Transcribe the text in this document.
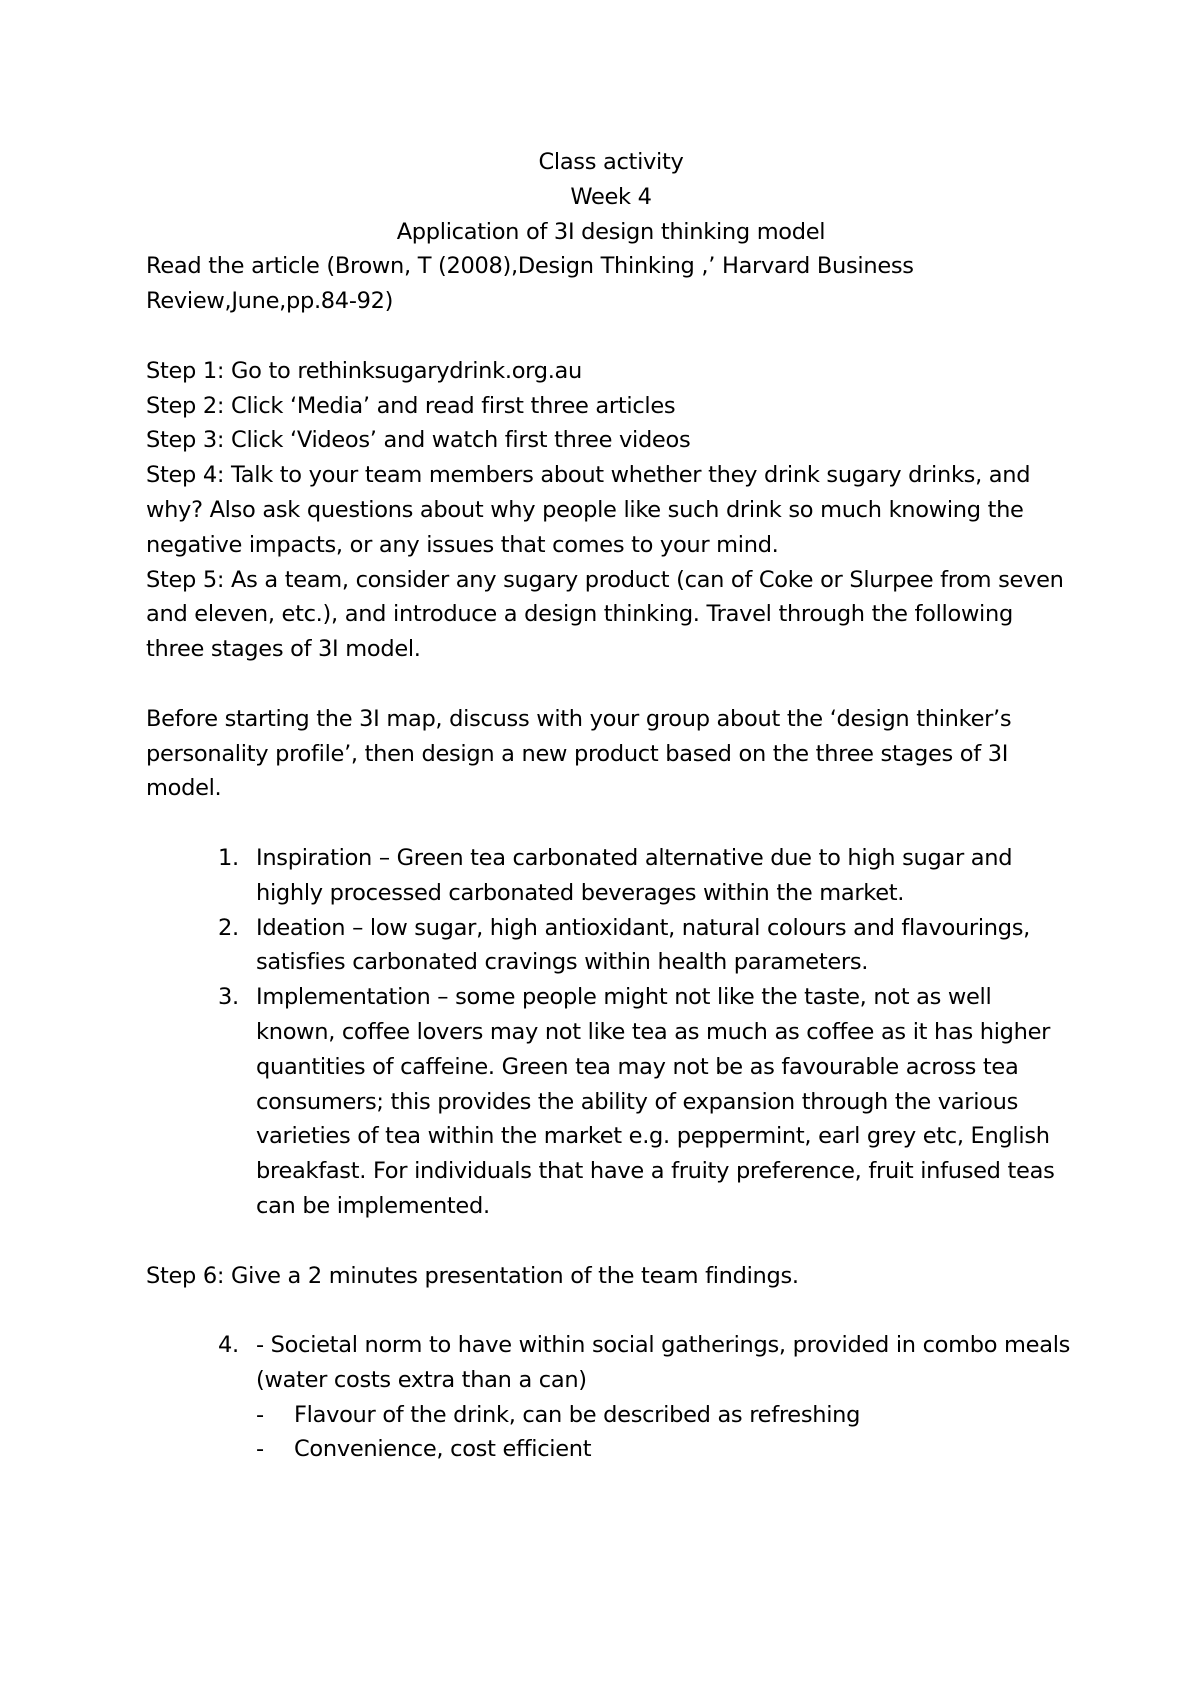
Class activity

Week 4

Application of 3I design thinking model

Read the article (Brown, T (2008),Design Thinking ,’ Harvard Business Review,June,pp.84-92)

Step 1: Go to rethinksugarydrink.org.au

Step 2: Click ‘Media’ and read first three articles

Step 3: Click ‘Videos’ and watch first three videos

Step 4: Talk to your team members about whether they drink sugary drinks, and why? Also ask questions about why people like such drink so much knowing the negative impacts, or any issues that comes to your mind.

Step 5: As a team, consider any sugary product (can of Coke or Slurpee from seven and eleven, etc.), and introduce a design thinking. Travel through the following three stages of 3I model.

Before starting the 3I map, discuss with your group about the ‘design thinker’s personality profile’, then design a new product based on the three stages of 3I model.

1. Inspiration – Green tea carbonated alternative due to high sugar and highly processed carbonated beverages within the market.
2. Ideation – low sugar, high antioxidant, natural colours and flavourings, satisfies carbonated cravings within health parameters.
3. Implementation – some people might not like the taste, not as well known, coffee lovers may not like tea as much as coffee as it has higher quantities of caffeine. Green tea may not be as favourable across tea consumers; this provides the ability of expansion through the various varieties of tea within the market e.g. peppermint, earl grey etc, English breakfast. For individuals that have a fruity preference, fruit infused teas can be implemented.

Step 6: Give a 2 minutes presentation of the team findings.

4. - Societal norm to have within social gatherings, provided in combo meals (water costs extra than a can)
- Flavour of the drink, can be described as refreshing
- Convenience, cost efficient
